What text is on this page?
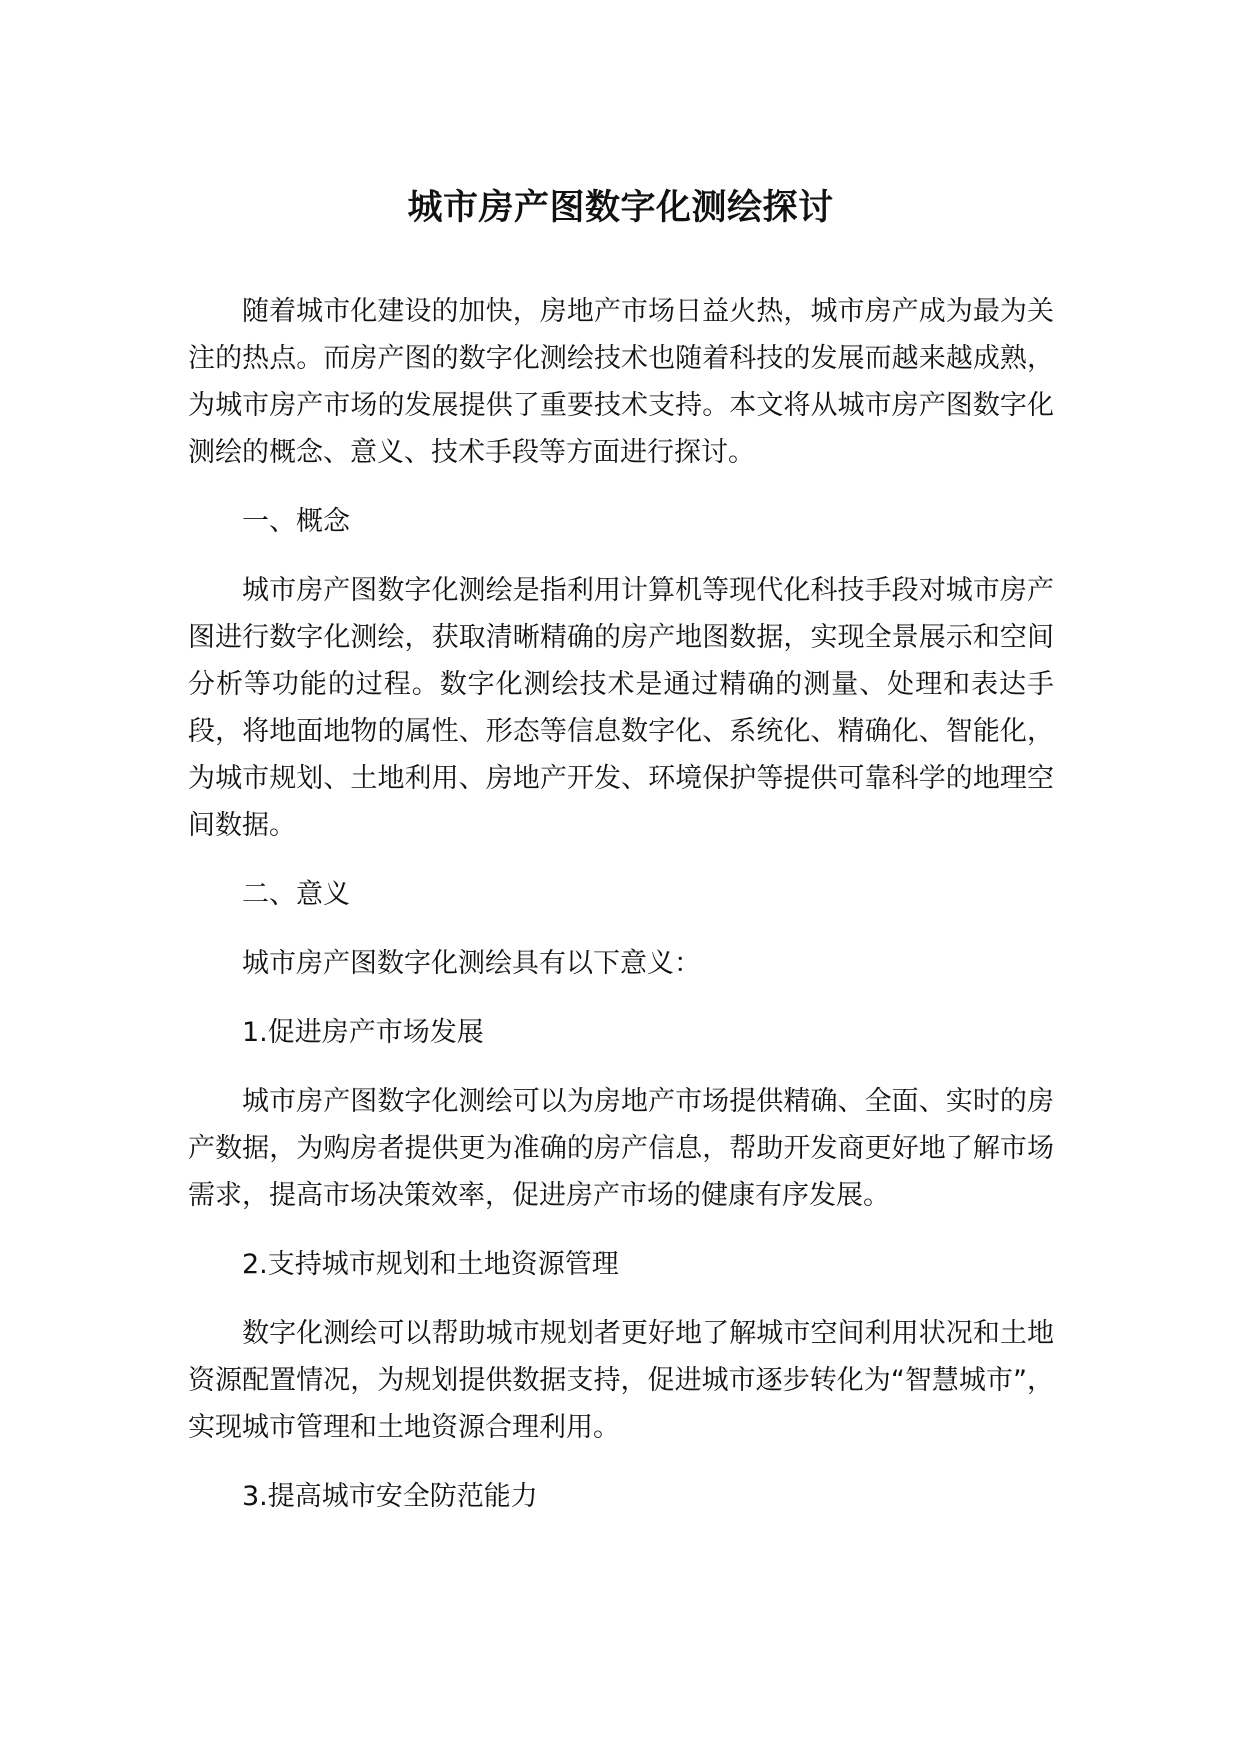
城市房产图数字化测绘探讨

随着城市化建设的加快，房地产市场日益火热，城市房产成为最为关注的热点。而房产图的数字化测绘技术也随着科技的发展而越来越成熟，为城市房产市场的发展提供了重要技术支持。本文将从城市房产图数字化测绘的概念、意义、技术手段等方面进行探讨。

一、概念

城市房产图数字化测绘是指利用计算机等现代化科技手段对城市房产图进行数字化测绘，获取清晰精确的房产地图数据，实现全景展示和空间分析等功能的过程。数字化测绘技术是通过精确的测量、处理和表达手段，将地面地物的属性、形态等信息数字化、系统化、精确化、智能化，为城市规划、土地利用、房地产开发、环境保护等提供可靠科学的地理空间数据。

二、意义

城市房产图数字化测绘具有以下意义：

1.促进房产市场发展

城市房产图数字化测绘可以为房地产市场提供精确、全面、实时的房产数据，为购房者提供更为准确的房产信息，帮助开发商更好地了解市场需求，提高市场决策效率，促进房产市场的健康有序发展。

2.支持城市规划和土地资源管理

数字化测绘可以帮助城市规划者更好地了解城市空间利用状况和土地资源配置情况，为规划提供数据支持，促进城市逐步转化为“智慧城市”，实现城市管理和土地资源合理利用。

3.提高城市安全防范能力
